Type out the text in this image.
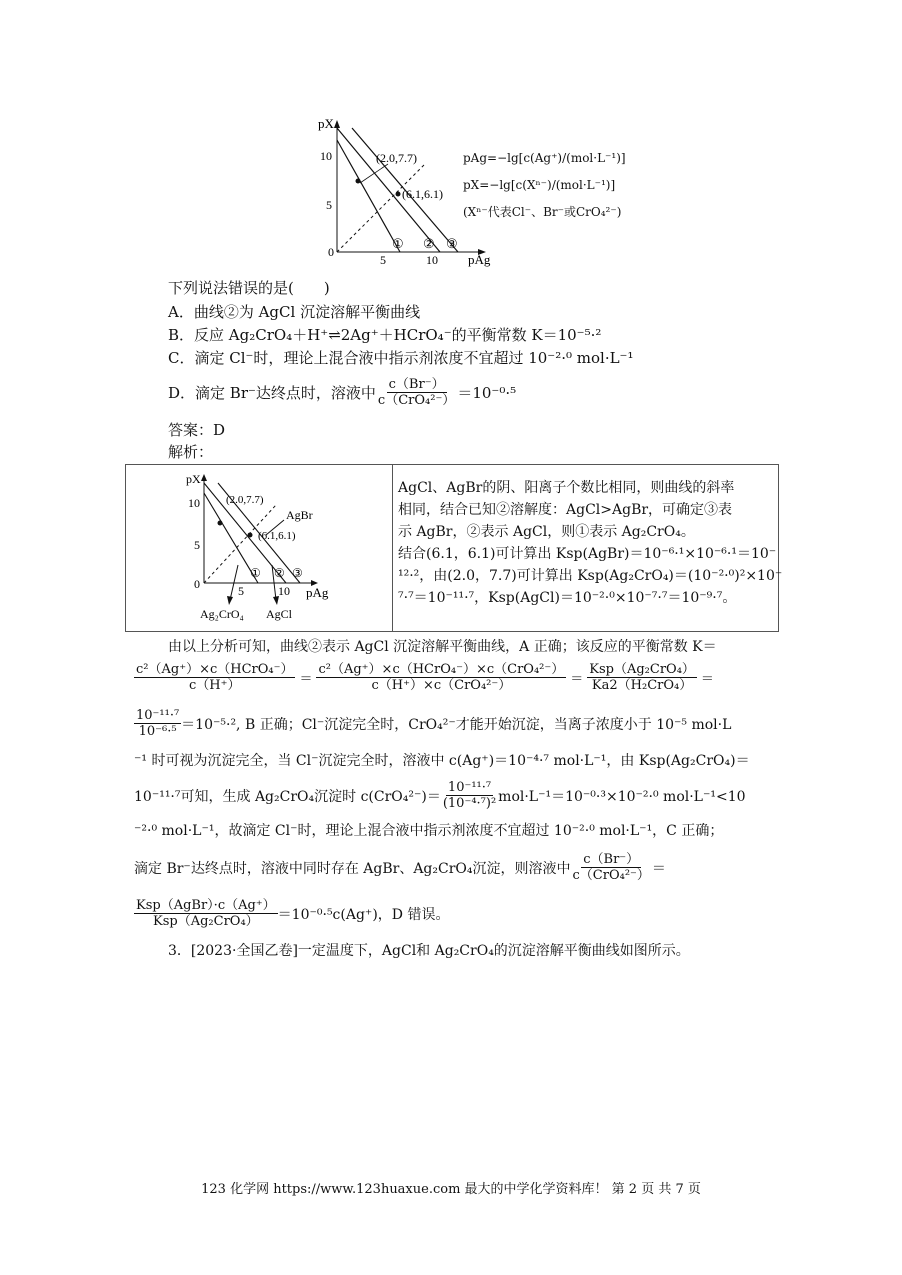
pX
10
5
0
5	10 pAg
(2.0,7.7)
(6.1,6.1)
① ② ③
pAg=−lg[c(Ag⁺)/(mol·L⁻¹)]
pX=−lg[c(Xⁿ⁻)/(mol·L⁻¹)]
(Xⁿ⁻代表Cl⁻、Br⁻或CrO₄²⁻)
下列说法错误的是(　　)
A．曲线②为 AgCl 沉淀溶解平衡曲线
B．反应 Ag₂CrO₄＋H⁺⇌2Ag⁺＋HCrO₄⁻的平衡常数 K＝10⁻⁵·²
C．滴定 Cl⁻时，理论上混合液中指示剂浓度不宜超过 10⁻²·⁰ mol·L⁻¹
D．滴定 Br⁻达终点时，溶液中 $\frac{c(Br^-)}{\text{c（CrO₄²⁻）}} =10^{-0}\cdot^5$
答案：D
解析：
pX
10
5
0	5	10 pAg
(2.0,7.7)
(6.1,6.1)
① ② ③
AgBr
Ag₂CrO₄ AgCl
AgCl、AgBr的阴、阳离子个数比相同，则曲线的斜率
相同，结合已知②溶解度：AgCl>AgBr，可确定③表
示 AgBr，②表示 AgCl，则①表示 Ag₂CrO₄。
结合(6.1，6.1)可计算出 Ksp(AgBr)＝10⁻⁶·¹×10⁻⁶·¹＝10⁻
¹²·²，由(2.0，7.7)可计算出 Ksp(Ag₂CrO₄)＝(10⁻²·⁰)²×10⁻
⁷·⁷＝10⁻¹¹·⁷，Ksp(AgCl)＝10⁻²·⁰×10⁻⁷·⁷＝10⁻⁹·⁷。
由以上分析可知，曲线②表示 AgCl 沉淀溶解平衡曲线，A 正确；该反应的平衡常数 K＝
$\frac{\text{c²（Ag⁺）×c（HCrO₄⁻）}}{c(H^+)} = \frac{\text{c²（Ag⁺）×c（HCrO₄⁻）×c（CrO₄²⁻）}}{\text{c（H⁺）×c（CrO₄²⁻）}} = \frac{\text{Ksp（Ag₂CrO₄）}}{\text{Ka2（H₂CrO₄）}}$ ＝
$\frac{\text{10⁻¹¹·⁷}}{\text{10⁻⁶·⁵}} =10^{-5}\cdot^2$, B 正确；Cl⁻沉淀完全时，CrO₄²⁻才能开始沉淀，当离子浓度小于 10⁻⁵ mol·L
⁻¹ 时可视为沉淀完全，当 Cl⁻沉淀完全时，溶液中 c(Ag⁺)＝10⁻⁴·⁷ mol·L⁻¹，由 Ksp(Ag₂CrO₄)＝
10⁻¹¹·⁷可知，生成 Ag₂CrO₄沉淀时 $c(CrO_4^{2-})= \frac{\text{10⁻¹¹·⁷}}{\text{(10⁻⁴·⁷)²}} mol\cdot L^{-1}=10^{-0}\cdot^3\times 10^{-2}\cdot^0$ mol·L⁻¹<10
⁻²·⁰ mol·L⁻¹，故滴定 Cl⁻时，理论上混合液中指示剂浓度不宜超过 10⁻²·⁰ mol·L⁻¹，C 正确；
滴定 Br⁻达终点时，溶液中同时存在 AgBr、Ag₂CrO₄沉淀，则溶液中 $\frac{c(Br^-)}{\text{c（CrO₄²⁻）}}$ ＝
$\frac{\text{Ksp（AgBr）·c（Ag⁺）}}{\text{Ksp（Ag₂CrO₄）}} =10^{-0}\cdot^5c(Ag^+)$，D 错误。
3．[2023·全国乙卷]一定温度下，AgCl和 Ag₂CrO₄的沉淀溶解平衡曲线如图所示。
123 化学网 https://www.123huaxue.com 最大的中学化学资料库！ 第 2 页 共 7 页
